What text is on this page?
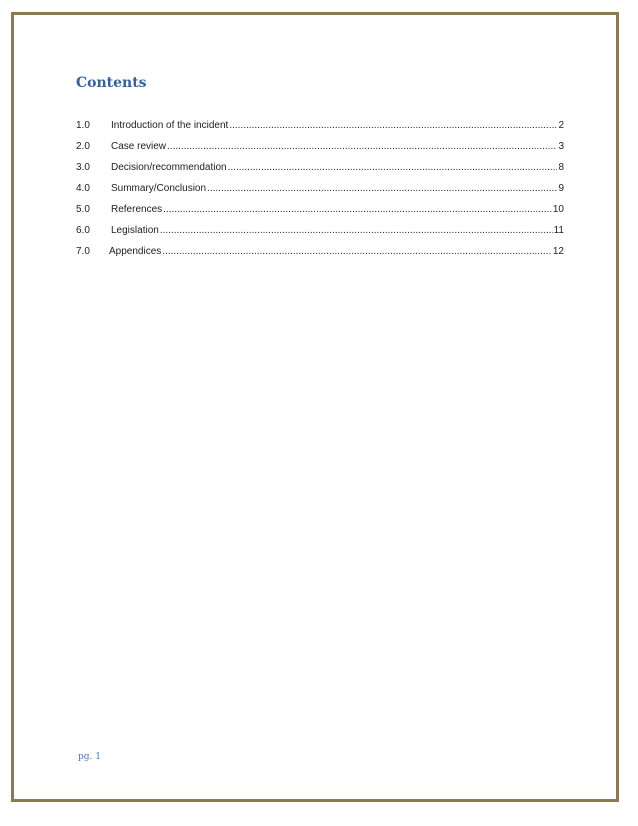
Contents
1.0	Introduction of the incident .....	2
2.0	Case review .....	3
3.0	Decision/recommendation .....	8
4.0	Summary/Conclusion .....	9
5.0	References .....	10
6.0	Legislation .....	11
7.0	Appendices .....	12
pg. 1
